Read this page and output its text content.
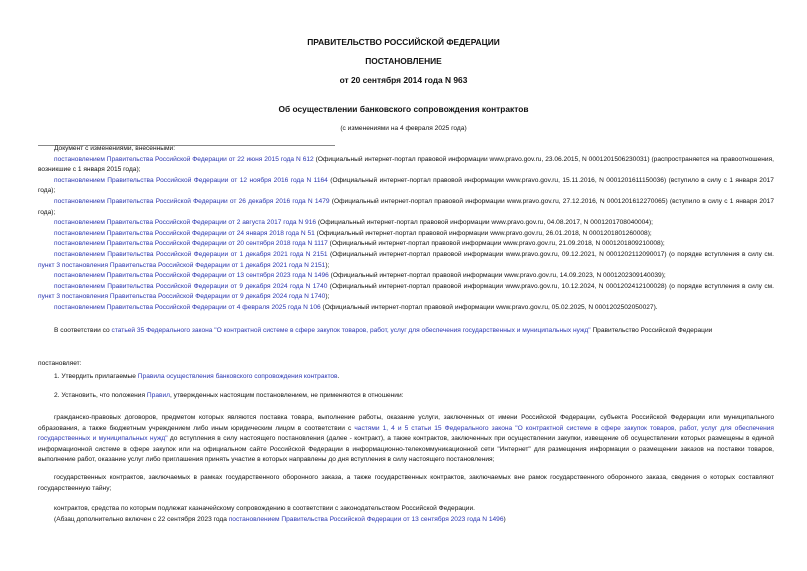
ПРАВИТЕЛЬСТВО РОССИЙСКОЙ ФЕДЕРАЦИИ
ПОСТАНОВЛЕНИЕ
от 20 сентября 2014 года N 963
Об осуществлении банковского сопровождения контрактов
(с изменениями на 4 февраля 2025 года)

Документ с изменениями, внесенными:

постановлением Правительства Российской Федерации от 22 июня 2015 года N 612 (Официальный интернет-портал правовой информации www.pravo.gov.ru, 23.06.2015, N 0001201506230031) (распространяется на правоотношения, возникшие с 1 января 2015 года);

постановлением Правительства Российской Федерации от 12 ноября 2016 года N 1164 (Официальный интернет-портал правовой информации www.pravo.gov.ru, 15.11.2016, N 0001201611150036) (вступило в силу с 1 января 2017 года);

постановлением Правительства Российской Федерации от 26 декабря 2016 года N 1479 (Официальный интернет-портал правовой информации www.pravo.gov.ru, 27.12.2016, N 0001201612270065) (вступило в силу с 1 января 2017 года);

постановлением Правительства Российской Федерации от 2 августа 2017 года N 916 (Официальный интернет-портал правовой информации www.pravo.gov.ru, 04.08.2017, N 0001201708040004);

постановлением Правительства Российской Федерации от 24 января 2018 года N 51 (Официальный интернет-портал правовой информации www.pravo.gov.ru, 26.01.2018, N 0001201801260008);

постановлением Правительства Российской Федерации от 20 сентября 2018 года N 1117 (Официальный интернет-портал правовой информации www.pravo.gov.ru, 21.09.2018, N 0001201809210008);

постановлением Правительства Российской Федерации от 1 декабря 2021 года N 2151 (Официальный интернет-портал правовой информации www.pravo.gov.ru, 09.12.2021, N 0001202112090017) (о порядке вступления в силу см. пункт 3 постановления Правительства Российской Федерации от 1 декабря 2021 года N 2151);

постановлением Правительства Российской Федерации от 13 сентября 2023 года N 1496 (Официальный интернет-портал правовой информации www.pravo.gov.ru, 14.09.2023, N 0001202309140039);

постановлением Правительства Российской Федерации от 9 декабря 2024 года N 1740 (Официальный интернет-портал правовой информации www.pravo.gov.ru, 10.12.2024, N 0001202412100028) (о порядке вступления в силу см. пункт 3 постановления Правительства Российской Федерации от 9 декабря 2024 года N 1740);

постановлением Правительства Российской Федерации от 4 февраля 2025 года N 106 (Официальный интернет-портал правовой информации www.pravo.gov.ru, 05.02.2025, N 0001202502050027).

В соответствии со статьей 35 Федерального закона "О контрактной системе в сфере закупок товаров, работ, услуг для обеспечения государственных и муниципальных нужд" Правительство Российской Федерации

постановляет:

1. Утвердить прилагаемые Правила осуществления банковского сопровождения контрактов.

2. Установить, что положения Правил, утвержденных настоящим постановлением, не применяются в отношении:

гражданско-правовых договоров, предметом которых являются поставка товара, выполнение работы, оказание услуги, заключенных от имени Российской Федерации, субъекта Российской Федерации или муниципального образования, а также бюджетным учреждением либо иным юридическим лицом в соответствии с частями 1, 4 и 5 статьи 15 Федерального закона "О контрактной системе в сфере закупок товаров, работ, услуг для обеспечения государственных и муниципальных нужд" до вступления в силу настоящего постановления (далее - контракт), а также контрактов, заключенных при осуществлении закупки, извещение об осуществлении которых размещены в единой информационной системе в сфере закупок или на официальном сайте Российской Федерации в информационно-телекоммуникационной сети "Интернет" для размещения информации о размещении заказов на поставки товаров, выполнение работ, оказание услуг либо приглашения принять участие в которых направлены до дня вступления в силу настоящего постановления;

государственных контрактов, заключаемых в рамках государственного оборонного заказа, а также государственных контрактов, заключаемых вне рамок государственного оборонного заказа, сведения о которых составляют государственную тайну;

контрактов, средства по которым подлежат казначейскому сопровождению в соответствии с законодательством Российской Федерации.

(Абзац дополнительно включен с 22 сентября 2023 года постановлением Правительства Российской Федерации от 13 сентября 2023 года N 1496)
